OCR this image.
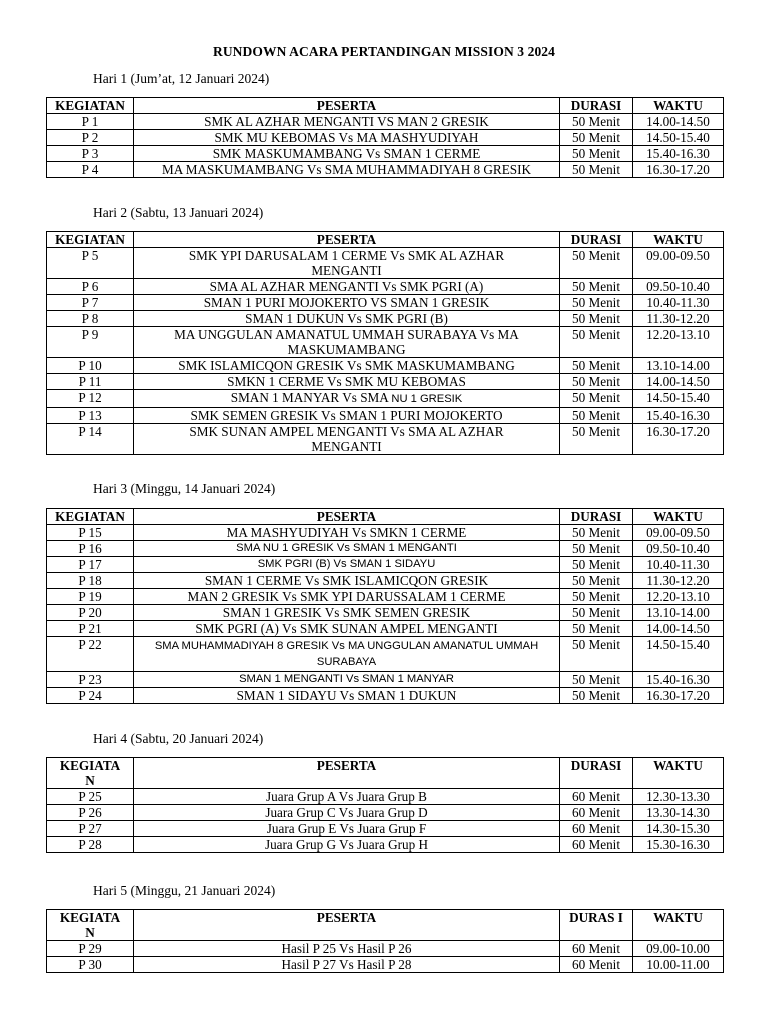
RUNDOWN ACARA PERTANDINGAN MISSION 3 2024
Hari 1 (Jum’at, 12 Januari 2024)
KEGIATAN	PESERTA	DURASI	WAKTU
P 1	SMK AL AZHAR MENGANTI VS MAN 2 GRESIK	50 Menit	14.00-14.50
P 2	SMK MU KEBOMAS Vs MA MASHYUDIYAH	50 Menit	14.50-15.40
P 3	SMK MASKUMAMBANG Vs SMAN 1 CERME	50 Menit	15.40-16.30
P 4	MA MASKUMAMBANG Vs SMA MUHAMMADIYAH 8 GRESIK	50 Menit	16.30-17.20
Hari 2 (Sabtu, 13 Januari 2024)
KEGIATAN	PESERTA	DURASI	WAKTU
P 5	SMK YPI DARUSALAM 1 CERME Vs SMK AL AZHAR MENGANTI	50 Menit	09.00-09.50
P 6	SMA AL AZHAR MENGANTI Vs SMK PGRI (A)	50 Menit	09.50-10.40
P 7	SMAN 1 PURI MOJOKERTO VS SMAN 1 GRESIK	50 Menit	10.40-11.30
P 8	SMAN 1 DUKUN Vs SMK PGRI (B)	50 Menit	11.30-12.20
P 9	MA UNGGULAN AMANATUL UMMAH SURABAYA Vs MA MASKUMAMBANG	50 Menit	12.20-13.10
P 10	SMK ISLAMICQON GRESIK Vs SMK MASKUMAMBANG	50 Menit	13.10-14.00
P 11	SMKN 1 CERME Vs SMK MU KEBOMAS	50 Menit	14.00-14.50
P 12	SMAN 1 MANYAR Vs SMA NU 1 GRESIK	50 Menit	14.50-15.40
P 13	SMK SEMEN GRESIK Vs SMAN 1 PURI MOJOKERTO	50 Menit	15.40-16.30
P 14	SMK SUNAN AMPEL MENGANTI Vs SMA AL AZHAR MENGANTI	50 Menit	16.30-17.20
Hari 3 (Minggu, 14 Januari 2024)
KEGIATAN	PESERTA	DURASI	WAKTU
P 15	MA MASHYUDIYAH Vs SMKN 1 CERME	50 Menit	09.00-09.50
P 16	SMA NU 1 GRESIK Vs SMAN 1 MENGANTI	50 Menit	09.50-10.40
P 17	SMK PGRI (B) Vs SMAN 1 SIDAYU	50 Menit	10.40-11.30
P 18	SMAN 1 CERME Vs SMK ISLAMICQON GRESIK	50 Menit	11.30-12.20
P 19	MAN 2 GRESIK Vs SMK YPI DARUSSALAM 1 CERME	50 Menit	12.20-13.10
P 20	SMAN 1 GRESIK Vs SMK SEMEN GRESIK	50 Menit	13.10-14.00
P 21	SMK PGRI (A) Vs SMK SUNAN AMPEL MENGANTI	50 Menit	14.00-14.50
P 22	SMA MUHAMMADIYAH 8 GRESIK Vs MA UNGGULAN AMANATUL UMMAH SURABAYA	50 Menit	14.50-15.40
P 23	SMAN 1 MENGANTI Vs SMAN 1 MANYAR	50 Menit	15.40-16.30
P 24	SMAN 1 SIDAYU Vs SMAN 1 DUKUN	50 Menit	16.30-17.20
Hari 4 (Sabtu, 20 Januari 2024)
KEGIATA N	PESERTA	DURASI	WAKTU
P 25	Juara Grup A Vs Juara Grup B	60 Menit	12.30-13.30
P 26	Juara Grup C Vs Juara Grup D	60 Menit	13.30-14.30
P 27	Juara Grup E Vs Juara Grup F	60 Menit	14.30-15.30
P 28	Juara Grup G Vs Juara Grup H	60 Menit	15.30-16.30
Hari 5 (Minggu, 21 Januari 2024)
KEGIATA N	PESERTA	DURAS I	WAKTU
P 29	Hasil P 25 Vs Hasil P 26	60 Menit	09.00-10.00
P 30	Hasil P 27 Vs Hasil P 28	60 Menit	10.00-11.00
